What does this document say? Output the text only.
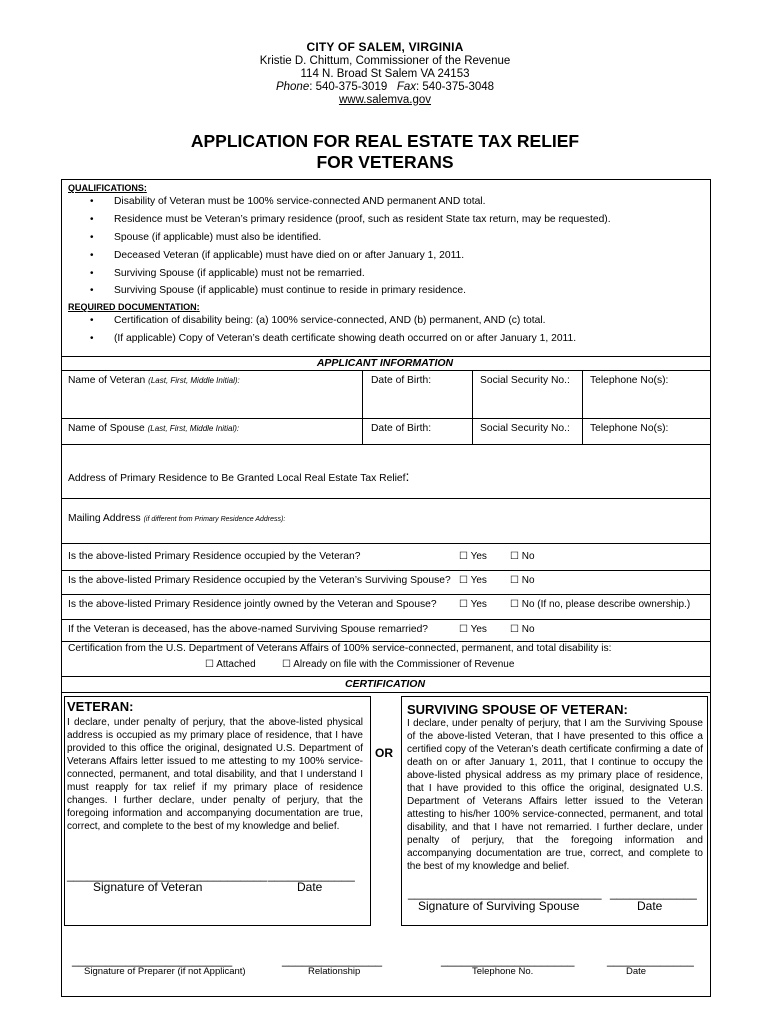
CITY OF SALEM, VIRGINIA
Kristie D. Chittum, Commissioner of the Revenue
114 N. Broad St Salem VA 24153
Phone: 540-375-3019 Fax: 540-375-3048
www.salemva.gov
APPLICATION FOR REAL ESTATE TAX RELIEF
FOR VETERANS
QUALIFICATIONS:
• Disability of Veteran must be 100% service-connected AND permanent AND total.
• Residence must be Veteran’s primary residence (proof, such as resident State tax return, may be requested).
• Spouse (if applicable) must also be identified.
• Deceased Veteran (if applicable) must have died on or after January 1, 2011.
• Surviving Spouse (if applicable) must not be remarried.
• Surviving Spouse (if applicable) must continue to reside in primary residence.
REQUIRED DOCUMENTATION:
• Certification of disability being: (a) 100% service-connected, AND (b) permanent, AND (c) total.
• (If applicable) Copy of Veteran’s death certificate showing death occurred on or after January 1, 2011.
APPLICANT INFORMATION
Name of Veteran (Last, First, Middle Initial):	Date of Birth:	Social Security No.: Telephone No(s):
Name of Spouse (Last, First, Middle Initial):	Date of Birth:	Social Security No.: Telephone No(s):
Address of Primary Residence to Be Granted Local Real Estate Tax Relief:
Mailing Address (if different from Primary Residence Address):
Is the above-listed Primary Residence occupied by the Veteran?	☐ Yes ☐ No
Is the above-listed Primary Residence occupied by the Veteran’s Surviving Spouse? ☐ Yes ☐ No
Is the above-listed Primary Residence jointly owned by the Veteran and Spouse? ☐ Yes ☐ No (If no, please describe ownership.)
If the Veteran is deceased, has the above-named Surviving Spouse remarried?	☐ Yes ☐ No
Certification from the U.S. Department of Veterans Affairs of 100% service-connected, permanent, and total disability is:
☐ Attached	☐ Already on file with the Commissioner of Revenue
CERTIFICATION
VETERAN:
I declare, under penalty of perjury, that the above-listed physical address is occupied as my primary place of residence, that I have provided to this office the original, designated U.S. Department of Veterans Affairs letter issued to me attesting to my 100% service-connected, permanent, and total disability, and that I understand I must reapply for tax relief if my primary place of residence changes. I further declare, under penalty of perjury, that the foregoing information and accompanying documentation are true, correct, and complete to the best of my knowledge and belief.
______________________________ _____________
Signature of Veteran	Date
OR
SURVIVING SPOUSE OF VETERAN:
I declare, under penalty of perjury, that I am the Surviving Spouse of the above-listed Veteran, that I have presented to this office a certified copy of the Veteran’s death certificate confirming a date of death on or after January 1, 2011, that I continue to occupy the above-listed physical address as my primary place of residence, that I have provided to this office the original, designated U.S. Department of Veterans Affairs letter issued to the Veteran attesting to his/her 100% service-connected, permanent, and total disability, and that I have not remarried. I further declare, under penalty of perjury, that the foregoing information and accompanying documentation are true, correct, and complete to the best of my knowledge and belief.
_____________________________ _____________
Signature of Surviving Spouse	Date
________________________	_______________	____________________	_____________
Signature of Preparer (if not Applicant)	Relationship	Telephone No.	Date
